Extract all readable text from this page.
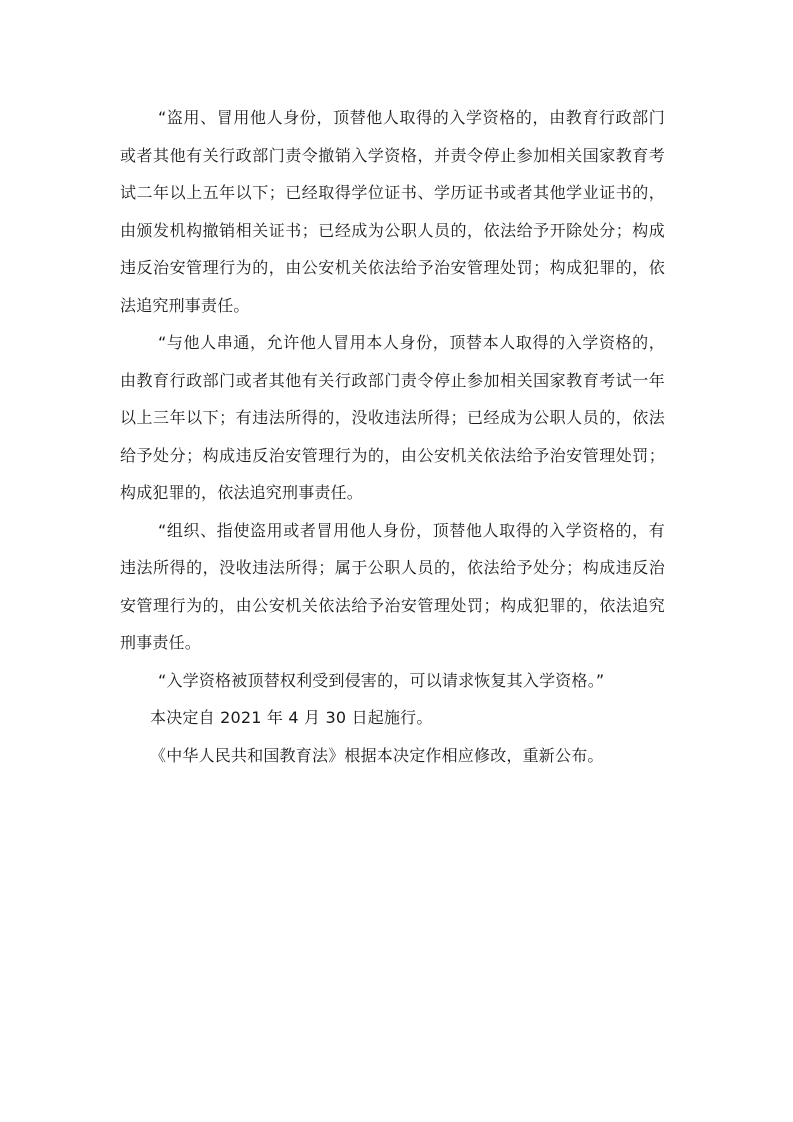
“盗用、冒用他人身份，顶替他人取得的入学资格的，由教育行政部门或者其他有关行政部门责令撤销入学资格，并责令停止参加相关国家教育考试二年以上五年以下；已经取得学位证书、学历证书或者其他学业证书的，由颁发机构撤销相关证书；已经成为公职人员的，依法给予开除处分；构成违反治安管理行为的，由公安机关依法给予治安管理处罚；构成犯罪的，依法追究刑事责任。

“与他人串通，允许他人冒用本人身份，顶替本人取得的入学资格的，由教育行政部门或者其他有关行政部门责令停止参加相关国家教育考试一年以上三年以下；有违法所得的，没收违法所得；已经成为公职人员的，依法给予处分；构成违反治安管理行为的，由公安机关依法给予治安管理处罚；构成犯罪的，依法追究刑事责任。

“组织、指使盗用或者冒用他人身份，顶替他人取得的入学资格的，有违法所得的，没收违法所得；属于公职人员的，依法给予处分；构成违反治安管理行为的，由公安机关依法给予治安管理处罚；构成犯罪的，依法追究刑事责任。

“入学资格被顶替权利受到侵害的，可以请求恢复其入学资格。”

本决定自 2021 年 4 月 30 日起施行。

《中华人民共和国教育法》根据本决定作相应修改，重新公布。
